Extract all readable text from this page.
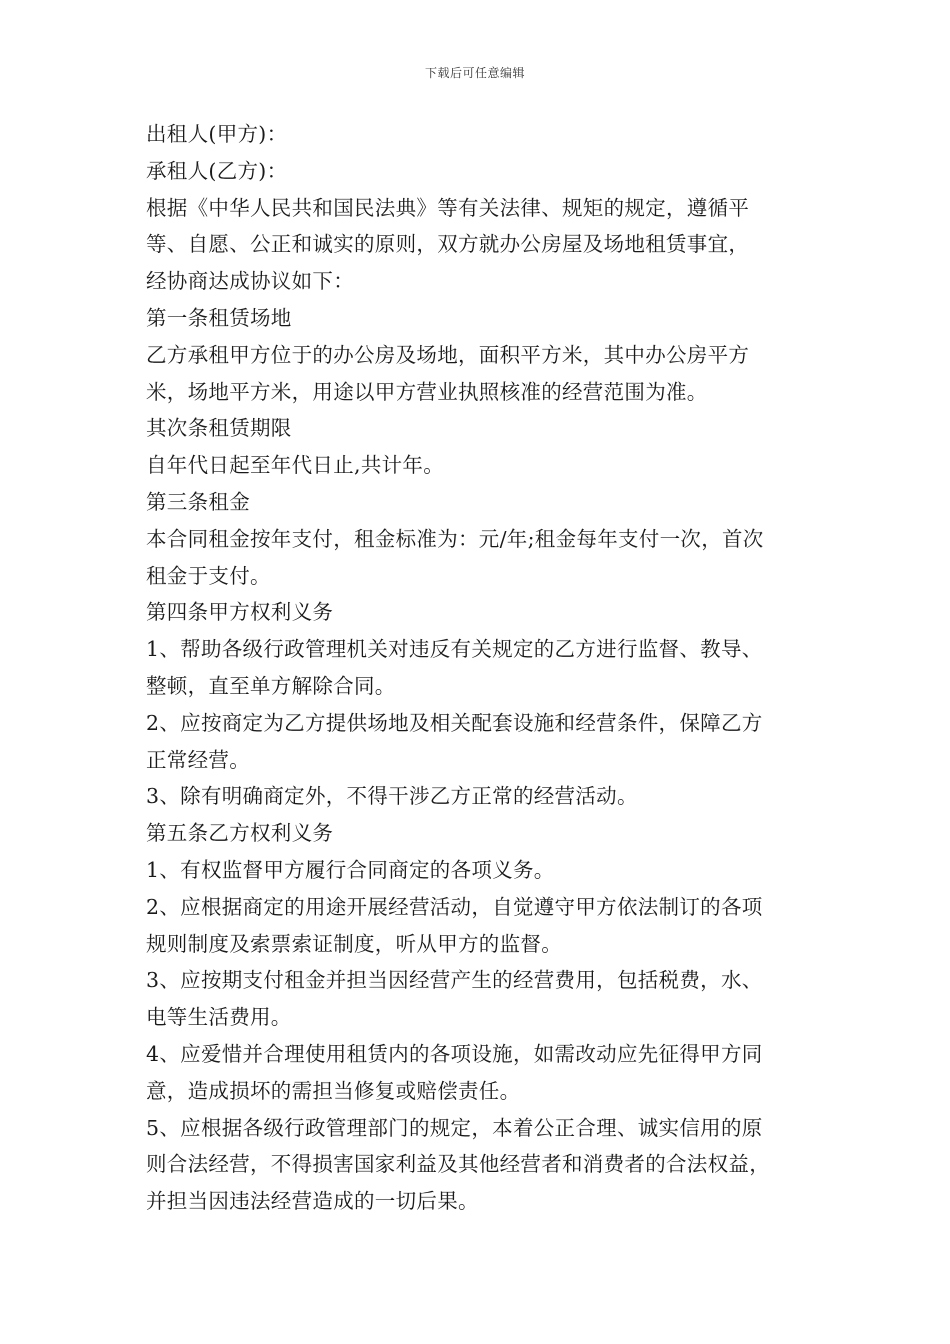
下载后可任意编辑
出租人(甲方)：
承租人(乙方)：
根据《中华人民共和国民法典》等有关法律、规矩的规定，遵循平
等、自愿、公正和诚实的原则，双方就办公房屋及场地租赁事宜，
经协商达成协议如下：
第一条租赁场地
乙方承租甲方位于的办公房及场地，面积平方米，其中办公房平方
米，场地平方米，用途以甲方营业执照核准的经营范围为准。
其次条租赁期限
自年代日起至年代日止,共计年。
第三条租金
本合同租金按年支付，租金标准为：元/年;租金每年支付一次，首次
租金于支付。
第四条甲方权利义务
1、帮助各级行政管理机关对违反有关规定的乙方进行监督、教导、
整顿，直至单方解除合同。
2、应按商定为乙方提供场地及相关配套设施和经营条件，保障乙方
正常经营。
3、除有明确商定外，不得干涉乙方正常的经营活动。
第五条乙方权利义务
1、有权监督甲方履行合同商定的各项义务。
2、应根据商定的用途开展经营活动，自觉遵守甲方依法制订的各项
规则制度及索票索证制度，听从甲方的监督。
3、应按期支付租金并担当因经营产生的经营费用，包括税费，水、
电等生活费用。
4、应爱惜并合理使用租赁内的各项设施，如需改动应先征得甲方同
意，造成损坏的需担当修复或赔偿责任。
5、应根据各级行政管理部门的规定，本着公正合理、诚实信用的原
则合法经营，不得损害国家利益及其他经营者和消费者的合法权益，
并担当因违法经营造成的一切后果。
